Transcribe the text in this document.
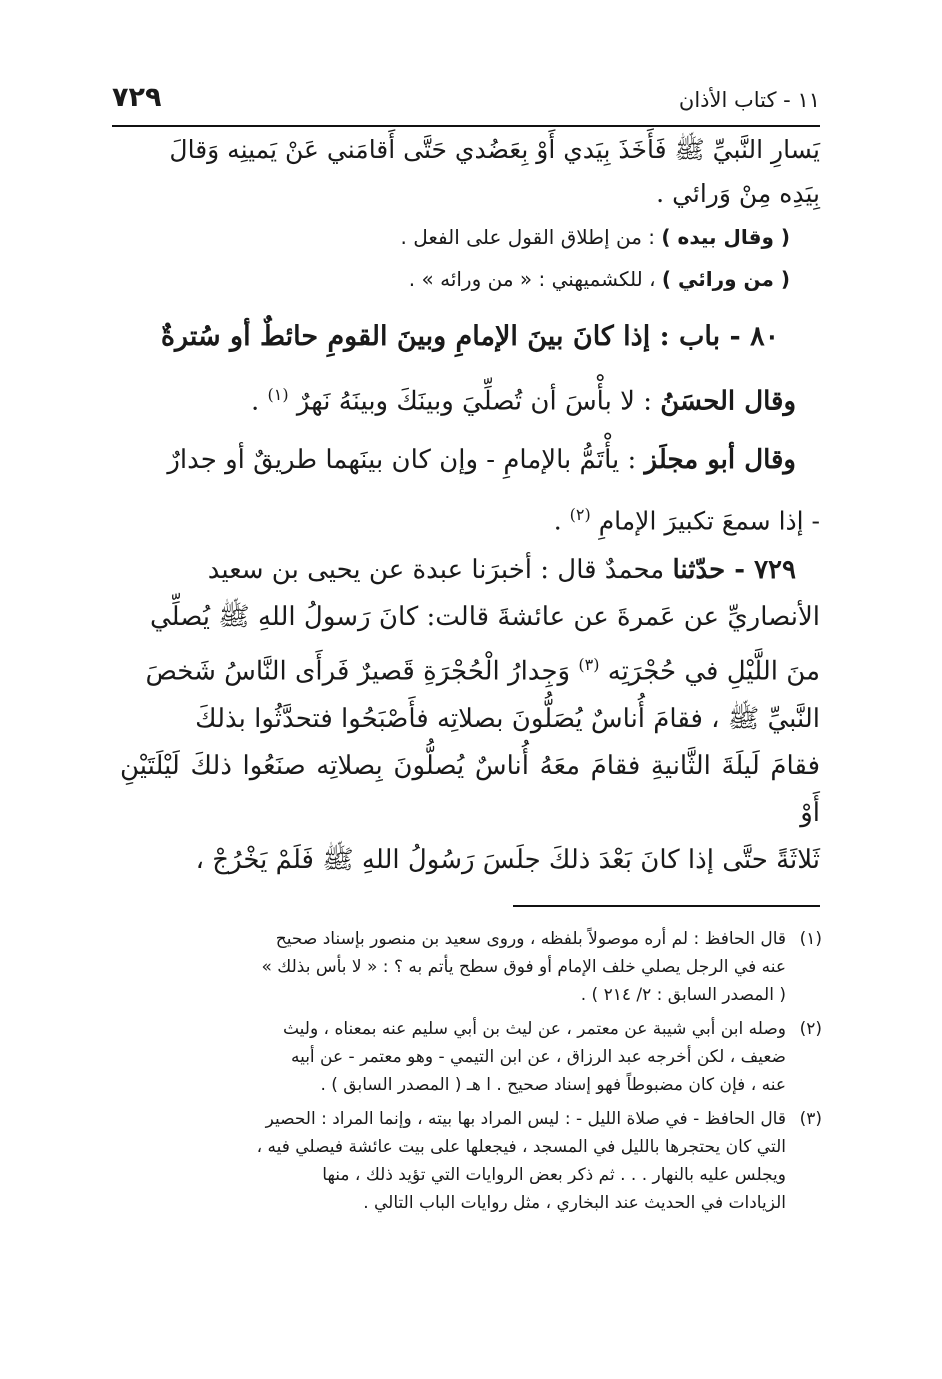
١١ - كتاب الأذان
٧٢٩

يَسارِ النَّبيِّ ﷺ فَأَخَذَ بِيَدي أَوْ بِعَضُدي حَتَّى أَقامَني عَنْ يَمينِه وَقالَ

بِيَدِه مِنْ وَرائي .

( وقال بيده ) : من إطلاق القول على الفعل .

( من ورائي ) ، للكشميهني : « من ورائه » .

٨٠ - باب : إذا كانَ بينَ الإمامِ وبينَ القومِ حائطٌ أو سُترةٌ

وقال الحسَنُ : لا بأْسَ أن تُصلِّيَ وبينَكَ وبينَهُ نَهرٌ $^{(١)}$ .

وقال أبو مجلَز : يأْتَمُّ بالإمامِ - وإن كان بينَهما طريقٌ أو جدارٌ

- إذا سمعَ تكبيرَ الإمامِ $^{(٢)}$ .

٧٢٩ - حدّثنا محمدٌ قال : أخبرَنا عبدة عن يحيى بن سعيد

الأنصاريِّ عن عَمرةَ عن عائشةَ قالت: كانَ رَسولُ اللهِ ﷺ يُصلِّي

منَ اللَّيْلِ في حُجْرَتِه $^{(٣)}$ وَجِدارُ الْحُجْرَةِ قَصيرٌ فَرأَى النَّاسُ شَخصَ

النَّبيِّ ﷺ ، فقامَ أُناسٌ يُصَلُّونَ بصلاتِه فأَصْبَحُوا فتحدَّثُوا بذلكَ

فقامَ لَيلَةَ الثَّانيةِ فقامَ معَهُ أُناسٌ يُصلُّونَ بِصلاتِه صنَعُوا ذلكَ لَيْلَتَيْنِ أَوْ

ثَلاثَةً حتَّى إذا كانَ بَعْدَ ذلكَ جلَسَ رَسُولُ اللهِ ﷺ فَلَمْ يَخْرُجْ ،

(١)

قال الحافظ : لم أره موصولاً بلفظه ، وروى سعيد بن منصور بإسناد صحيح

عنه في الرجل يصلي خلف الإمام أو فوق سطح يأتم به ؟ : « لا بأس بذلك »

( المصدر السابق : ٢/ ٢١٤ ) .

(٢)

وصله ابن أبي شيبة عن معتمر ، عن ليث بن أبي سليم عنه بمعناه ، وليث

ضعيف ، لكن أخرجه عبد الرزاق ، عن ابن التيمي - وهو معتمر - عن أبيه

عنه ، فإن كان مضبوطاً فهو إسناد صحيح . ا هـ ( المصدر السابق ) .

(٣)

قال الحافظ - في صلاة الليل - : ليس المراد بها بيته ، وإنما المراد : الحصير

التي كان يحتجرها بالليل في المسجد ، فيجعلها على بيت عائشة فيصلي فيه ،

ويجلس عليه بالنهار . . . ثم ذكر بعض الروايات التي تؤيد ذلك ، منها

الزيادات في الحديث عند البخاري ، مثل روايات الباب التالي .
